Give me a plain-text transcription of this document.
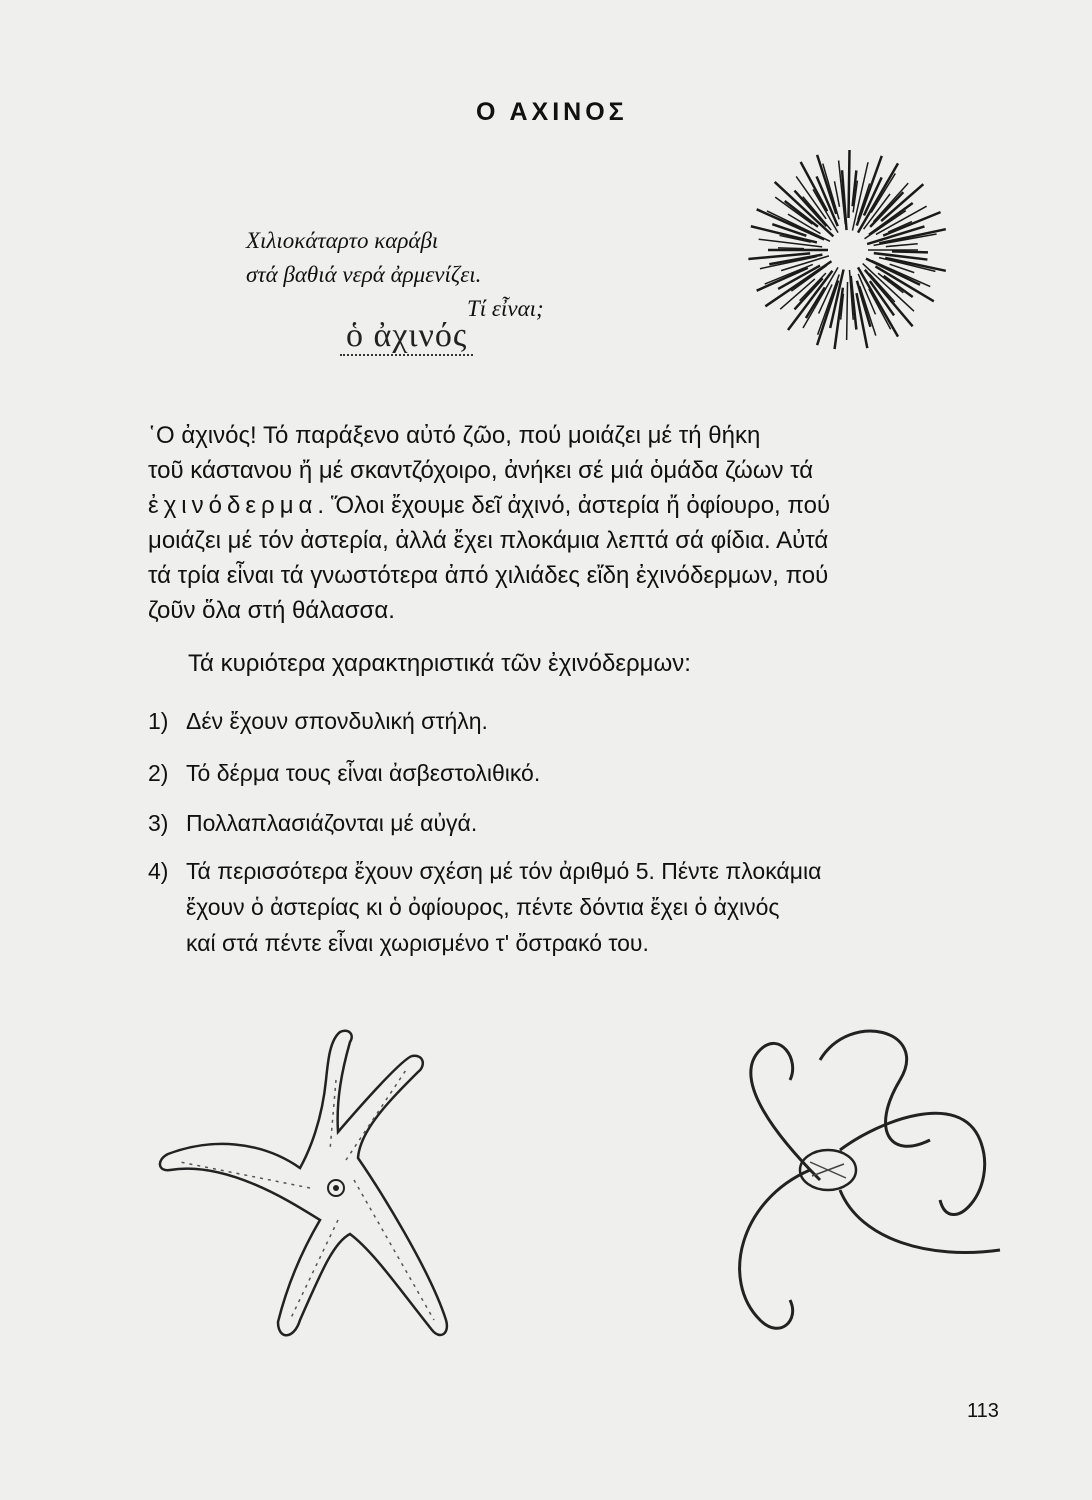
Ο ΑΧΙΝΟΣ
Χιλιοκάταρτο καράβι
στά βαθιά νερά ἀρμενίζει.
Τί εἶναι;
ὁ ἀχινός
῾Ο ἀχινός! Τό παράξενο αὐτό ζῶο, πού μοιάζει μέ τή θήκη
τοῦ κάστανου ἤ μέ σκαντζόχοιρο, ἀνήκει σέ μιά ὁμάδα ζώων τά
ἐχινόδερμα. Ὅλοι ἔχουμε δεῖ ἀχινό, ἀστερία ἤ ὀφίουρο, πού
μοιάζει μέ τόν ἀστερία, ἀλλά ἔχει πλοκάμια λεπτά σά φίδια. Αὐτά
τά τρία εἶναι τά γνωστότερα ἀπό χιλιάδες εἴδη ἐχινόδερμων, πού
ζοῦν ὅλα στή θάλασσα.
Τά κυριότερα χαρακτηριστικά τῶν ἐχινόδερμων:
1) Δέν ἔχουν σπονδυλική στήλη.
2) Τό δέρμα τους εἶναι ἀσβεστολιθικό.
3) Πολλαπλασιάζονται μέ αὐγά.
4) Τά περισσότερα ἔχουν σχέση μέ τόν ἀριθμό 5. Πέντε πλοκάμια
ἔχουν ὁ ἀστερίας κι ὁ ὀφίουρος, πέντε δόντια ἔχει ὁ ἀχινός
καί στά πέντε εἶναι χωρισμένο τ' ὄστρακό του.
113
